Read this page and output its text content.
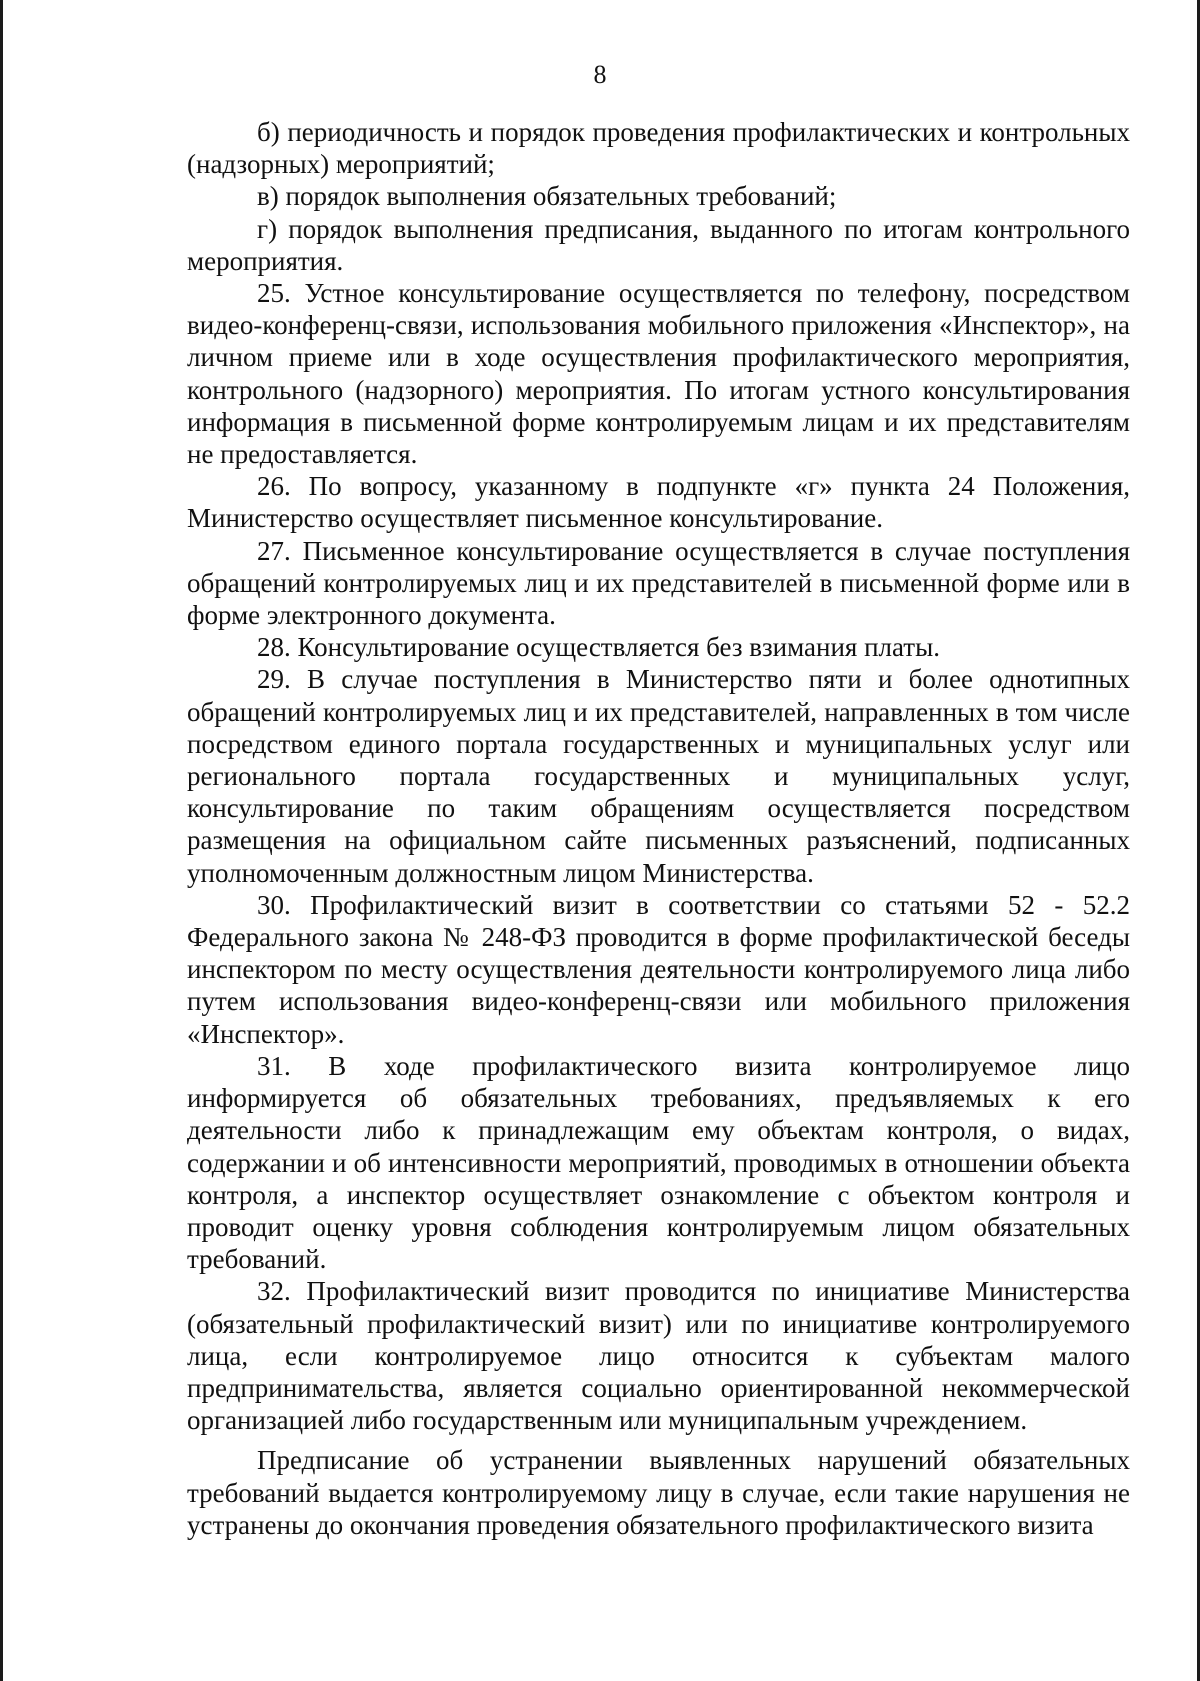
8

б) периодичность и порядок проведения профилактических и контрольных (надзорных) мероприятий;

в) порядок выполнения обязательных требований;

г) порядок выполнения предписания, выданного по итогам контрольного мероприятия.

25. Устное консультирование осуществляется по телефону, посредством видео-конференц-связи, использования мобильного приложения «Инспектор», на личном приеме или в ходе осуществления профилактического мероприятия, контрольного (надзорного) мероприятия. По итогам устного консультирования информация в письменной форме контролируемым лицам и их представителям не предоставляется.

26. По вопросу, указанному в подпункте «г» пункта 24 Положения, Министерство осуществляет письменное консультирование.

27. Письменное консультирование осуществляется в случае поступления обращений контролируемых лиц и их представителей в письменной форме или в форме электронного документа.

28. Консультирование осуществляется без взимания платы.

29. В случае поступления в Министерство пяти и более однотипных обращений контролируемых лиц и их представителей, направленных в том числе посредством единого портала государственных и муниципальных услуг или регионального портала государственных и муниципальных услуг, консультирование по таким обращениям осуществляется посредством размещения на официальном сайте письменных разъяснений, подписанных уполномоченным должностным лицом Министерства.

30. Профилактический визит в соответствии со статьями 52 - 52.2 Федерального закона № 248-ФЗ проводится в форме профилактической беседы инспектором по месту осуществления деятельности контролируемого лица либо путем использования видео-конференц-связи или мобильного приложения «Инспектор».

31. В ходе профилактического визита контролируемое лицо информируется об обязательных требованиях, предъявляемых к его деятельности либо к принадлежащим ему объектам контроля, о видах, содержании и об интенсивности мероприятий, проводимых в отношении объекта контроля, а инспектор осуществляет ознакомление с объектом контроля и проводит оценку уровня соблюдения контролируемым лицом обязательных требований.

32. Профилактический визит проводится по инициативе Министерства (обязательный профилактический визит) или по инициативе контролируемого лица, если контролируемое лицо относится к субъектам малого предпринимательства, является социально ориентированной некоммерческой организацией либо государственным или муниципальным учреждением.

Предписание об устранении выявленных нарушений обязательных требований выдается контролируемому лицу в случае, если такие нарушения не устранены до окончания проведения обязательного профилактического визита
